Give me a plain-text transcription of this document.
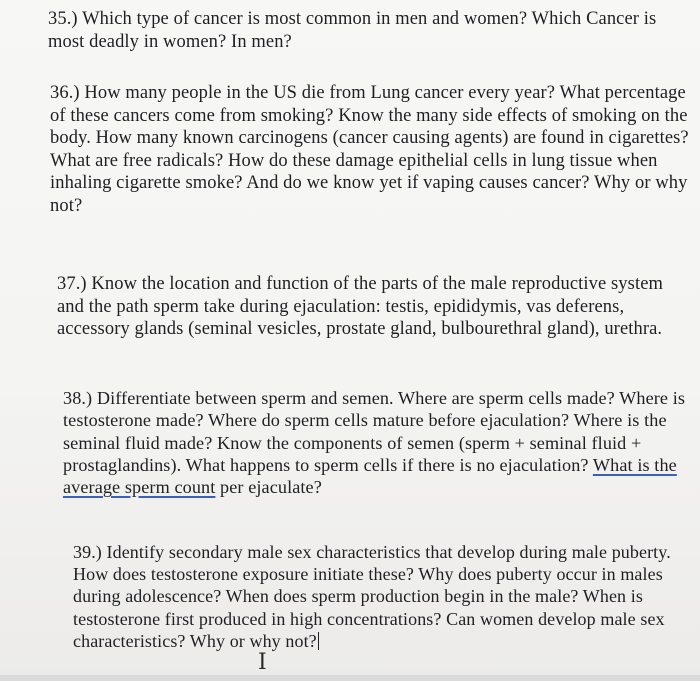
35.) Which type of cancer is most common in men and women? Which Cancer is most deadly in women? In men?

36.) How many people in the US die from Lung cancer every year? What percentage of these cancers come from smoking? Know the many side effects of smoking on the body. How many known carcinogens (cancer causing agents) are found in cigarettes? What are free radicals? How do these damage epithelial cells in lung tissue when inhaling cigarette smoke? And do we know yet if vaping causes cancer? Why or why not?

37.) Know the location and function of the parts of the male reproductive system and the path sperm take during ejaculation: testis, epididymis, vas deferens, accessory glands (seminal vesicles, prostate gland, bulbourethral gland), urethra.

38.) Differentiate between sperm and semen. Where are sperm cells made? Where is testosterone made? Where do sperm cells mature before ejaculation? Where is the seminal fluid made? Know the components of semen (sperm + seminal fluid + prostaglandins). What happens to sperm cells if there is no ejaculation? What is the average sperm count per ejaculate?

39.) Identify secondary male sex characteristics that develop during male puberty. How does testosterone exposure initiate these? Why does puberty occur in males during adolescence? When does sperm production begin in the male? When is testosterone first produced in high concentrations? Can women develop male sex characteristics? Why or why not?

I
